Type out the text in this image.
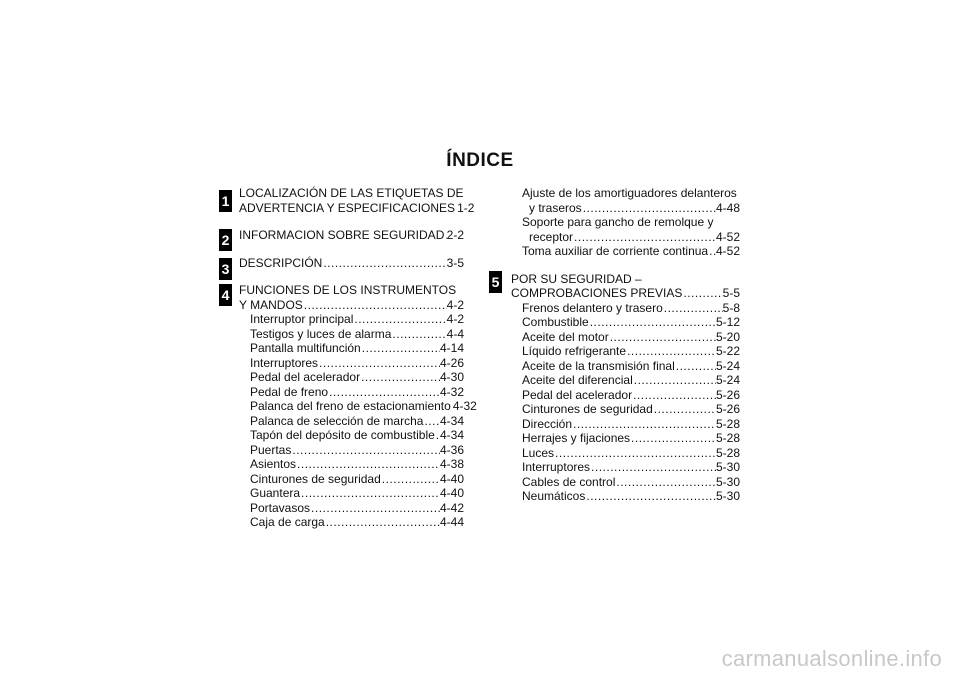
ÍNDICE
1
2
3
4
5
LOCALIZACIÓN DE LAS ETIQUETAS DE
ADVERTENCIA Y ESPECIFICACIONES ..... 1-2
INFORMACION SOBRE SEGURIDAD ..... 2-2
DESCRIPCIÓN .....	3-5
FUNCIONES DE LOS INSTRUMENTOS
Y MANDOS .....	4-2
Interruptor principal .....	4-2
Testigos y luces de alarma .....	4-4
Pantalla multifunción .....	4-14
Interruptores .....	4-26
Pedal del acelerador .....	4-30
Pedal de freno .....	4-32
Palanca del freno de estacionamiento ..... 4-32
Palanca de selección de marcha ..... 4-34
Tapón del depósito de combustible ..... 4-34
Puertas .....	4-36
Asientos .....	4-38
Cinturones de seguridad .....	4-40
Guantera .....	4-40
Portavasos .....	4-42
Caja de carga .....	4-44
Ajuste de los amortiguadores delanteros
y traseros .....	4-48
Soporte para gancho de remolque y
receptor .....	4-52
Toma auxiliar de corriente continua ..... 4-52
POR SU SEGURIDAD –
COMPROBACIONES PREVIAS .....	5-5
Frenos delantero y trasero .....	5-8
Combustible .....	5-12
Aceite del motor .....	5-20
Líquido refrigerante .....	5-22
Aceite de la transmisión final .....	5-24
Aceite del diferencial .....	5-24
Pedal del acelerador .....	5-26
Cinturones de seguridad .....	5-26
Dirección .....	5-28
Herrajes y fijaciones .....	5-28
Luces .....	5-28
Interruptores .....	5-30
Cables de control .....	5-30
Neumáticos .....	5-30
carmanualsonline.info
